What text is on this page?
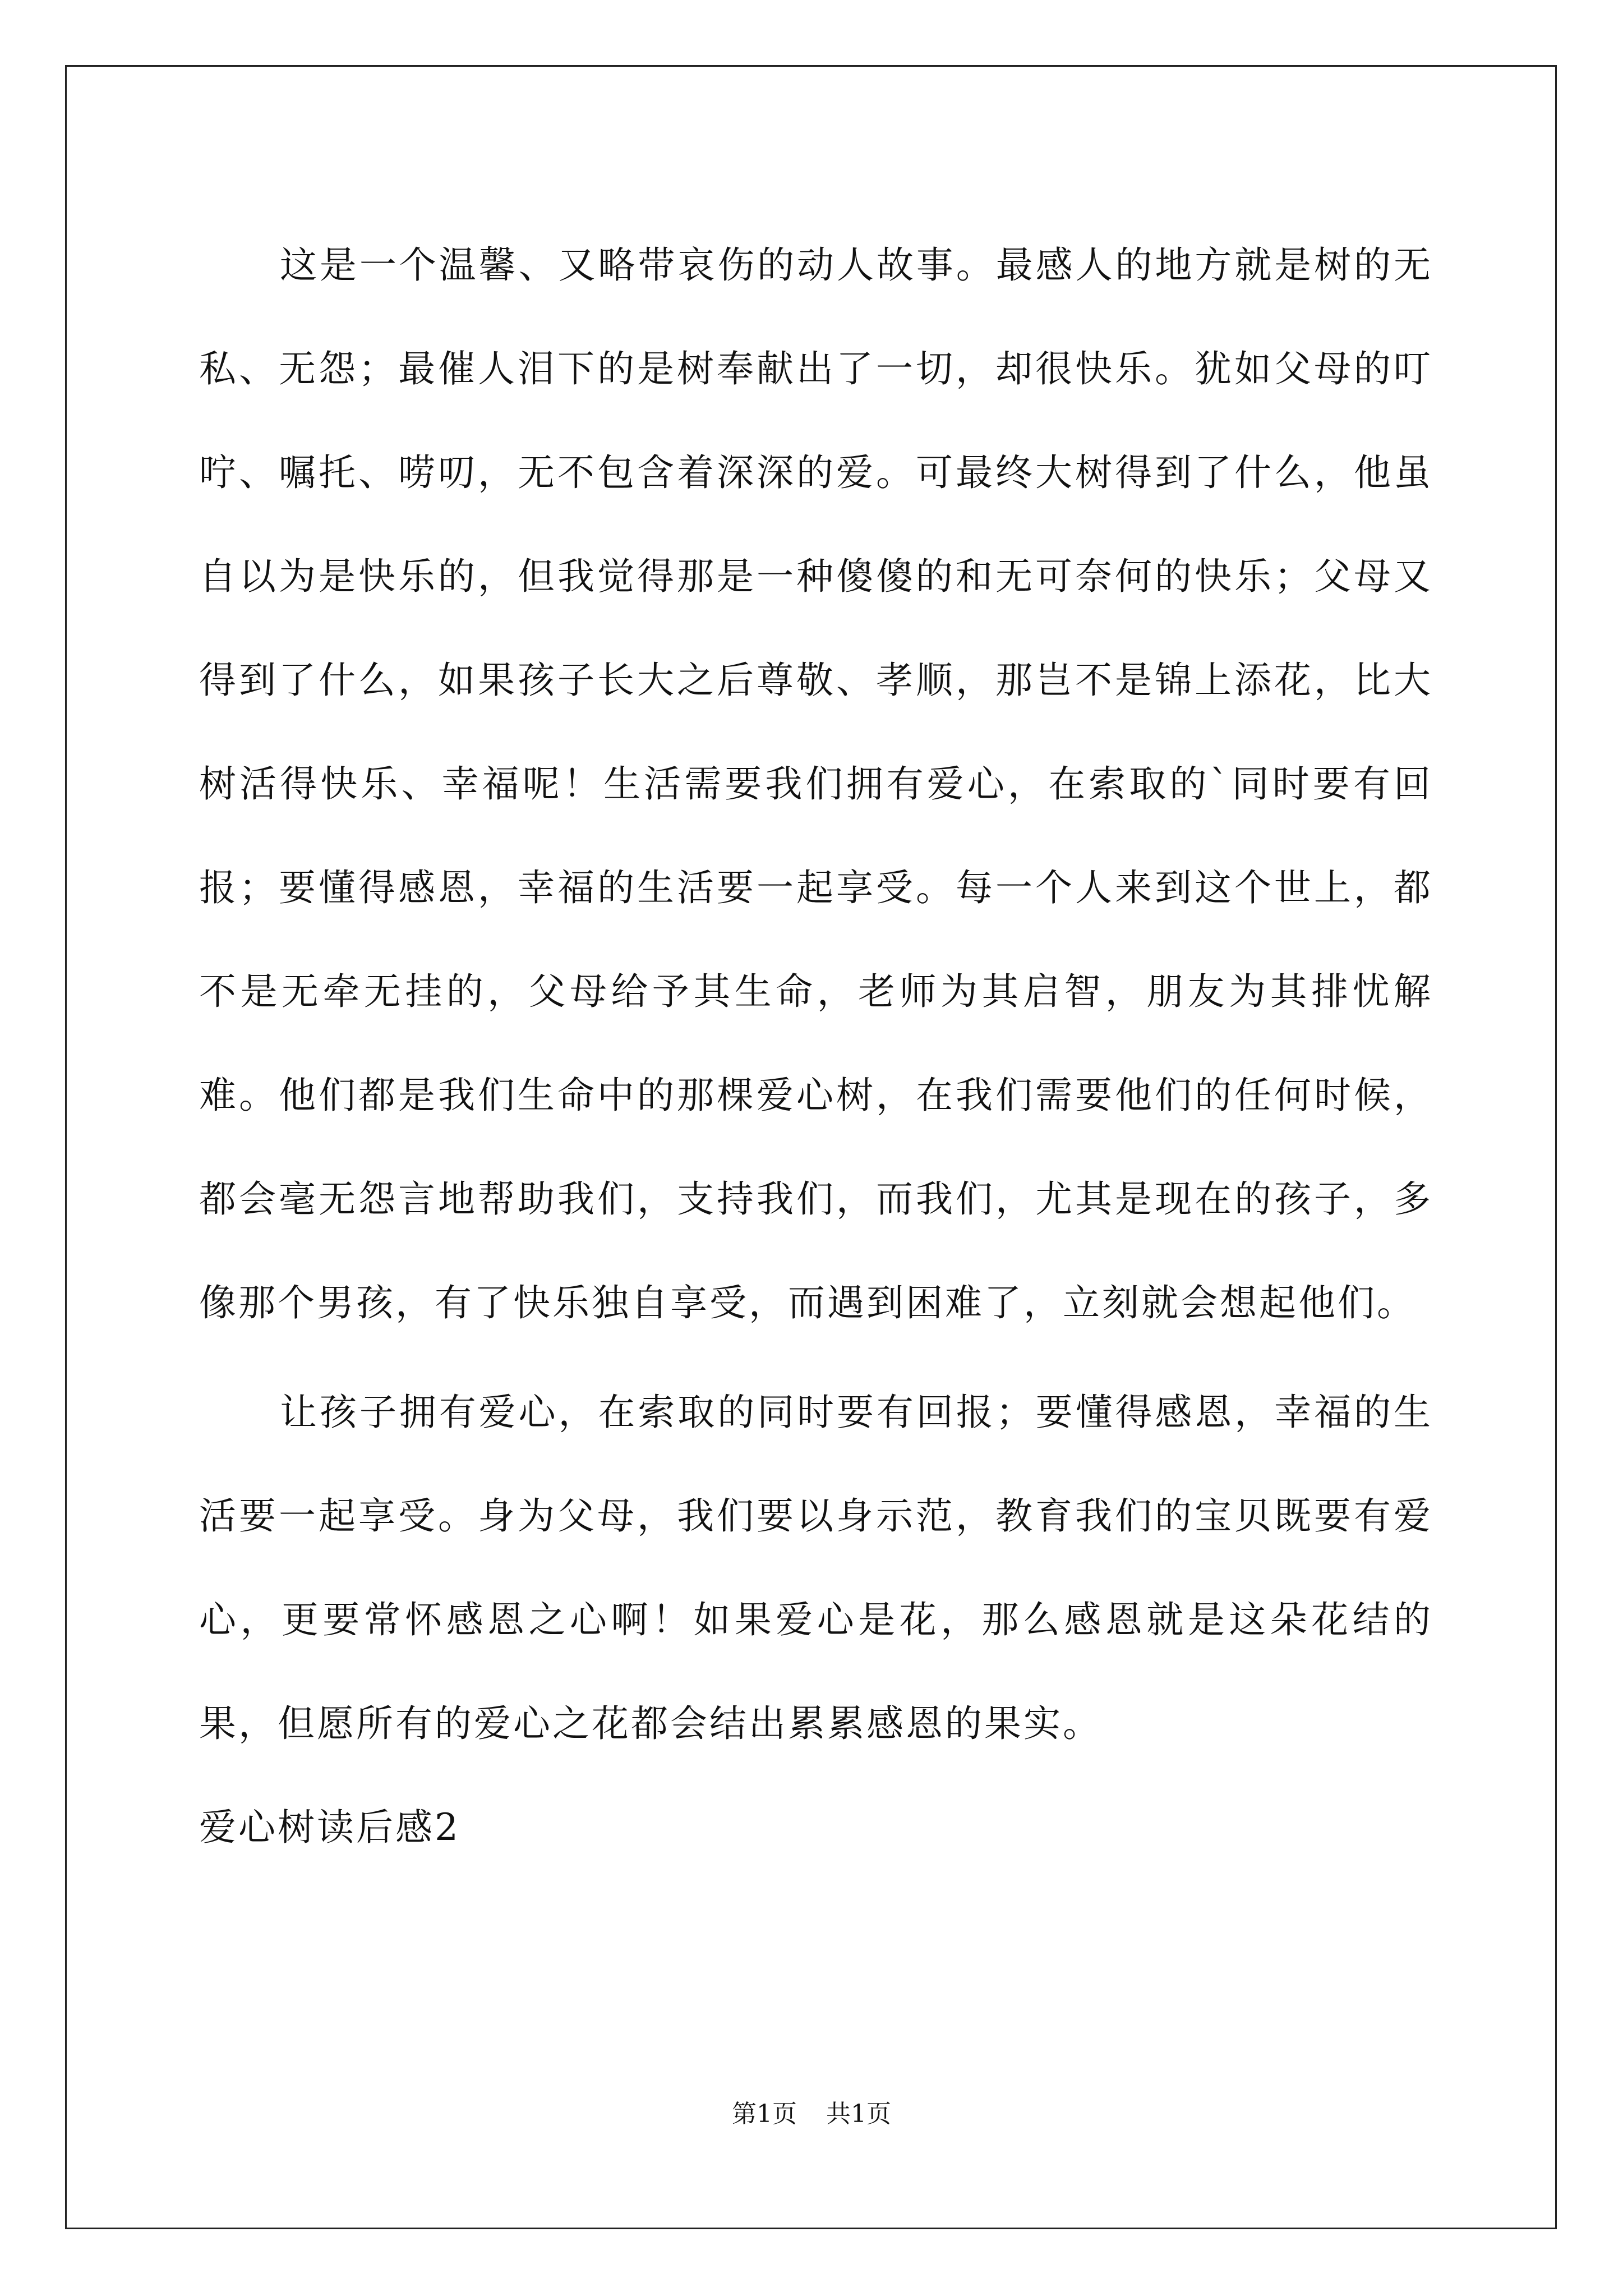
这是一个温馨、又略带哀伤的动人故事。最感人的地方就是树的无私、无怨；最催人泪下的是树奉献出了一切，却很快乐。犹如父母的叮咛、嘱托、唠叨，无不包含着深深的爱。可最终大树得到了什么，他虽自以为是快乐的，但我觉得那是一种傻傻的和无可奈何的快乐；父母又得到了什么，如果孩子长大之后尊敬、孝顺，那岂不是锦上添花，比大树活得快乐、幸福呢！生活需要我们拥有爱心，在索取的`同时要有回报；要懂得感恩，幸福的生活要一起享受。每一个人来到这个世上，都不是无牵无挂的，父母给予其生命，老师为其启智，朋友为其排忧解难。他们都是我们生命中的那棵爱心树，在我们需要他们的任何时候，都会毫无怨言地帮助我们，支持我们，而我们，尤其是现在的孩子，多像那个男孩，有了快乐独自享受，而遇到困难了，立刻就会想起他们。

让孩子拥有爱心，在索取的同时要有回报；要懂得感恩，幸福的生活要一起享受。身为父母，我们要以身示范，教育我们的宝贝既要有爱心，更要常怀感恩之心啊！如果爱心是花，那么感恩就是这朵花结的果，但愿所有的爱心之花都会结出累累感恩的果实。

爱心树读后感2

第1页 共1页
